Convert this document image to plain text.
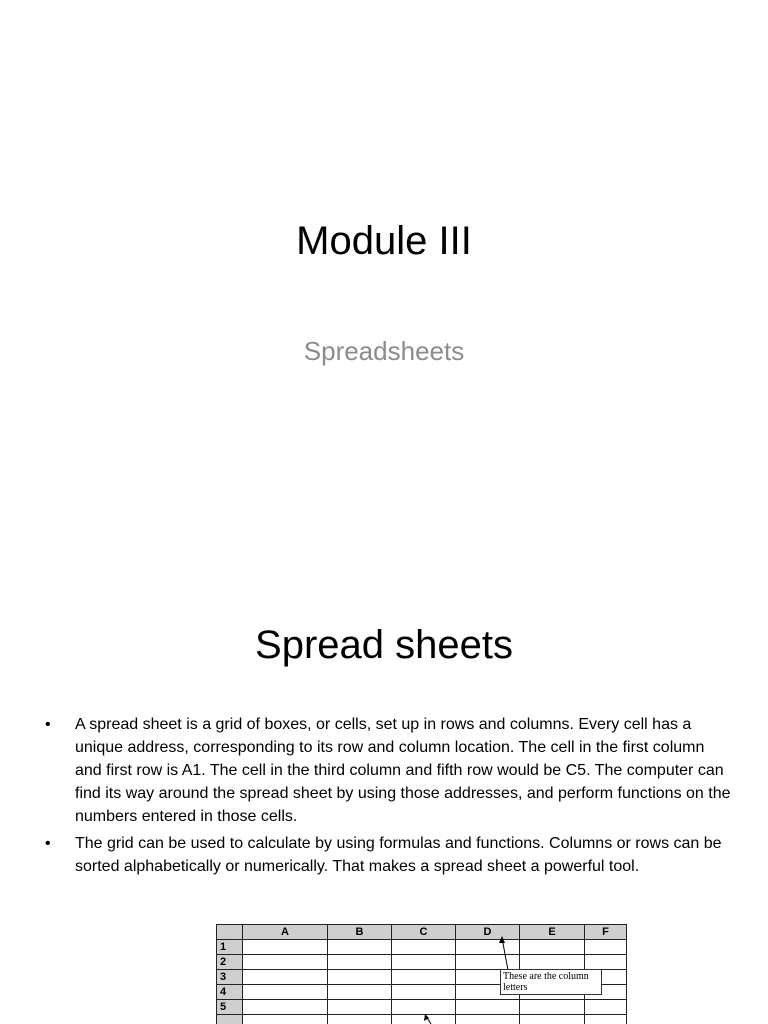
Module III
Spreadsheets
Spread sheets
• A spread sheet is a grid of boxes, or cells, set up in rows and columns. Every cell has a unique address, corresponding to its row and column location. The cell in the first column and first row is A1. The cell in the third column and fifth row would be C5. The computer can find its way around the spread sheet by using those addresses, and perform functions on the numbers entered in those cells.
• The grid can be used to calculate by using formulas and functions. Columns or rows can be sorted alphabetically or numerically. That makes a spread sheet a powerful tool.
	A	B	C	D	E	F
1						
2						
3						
4						
5						

These are the column letters
